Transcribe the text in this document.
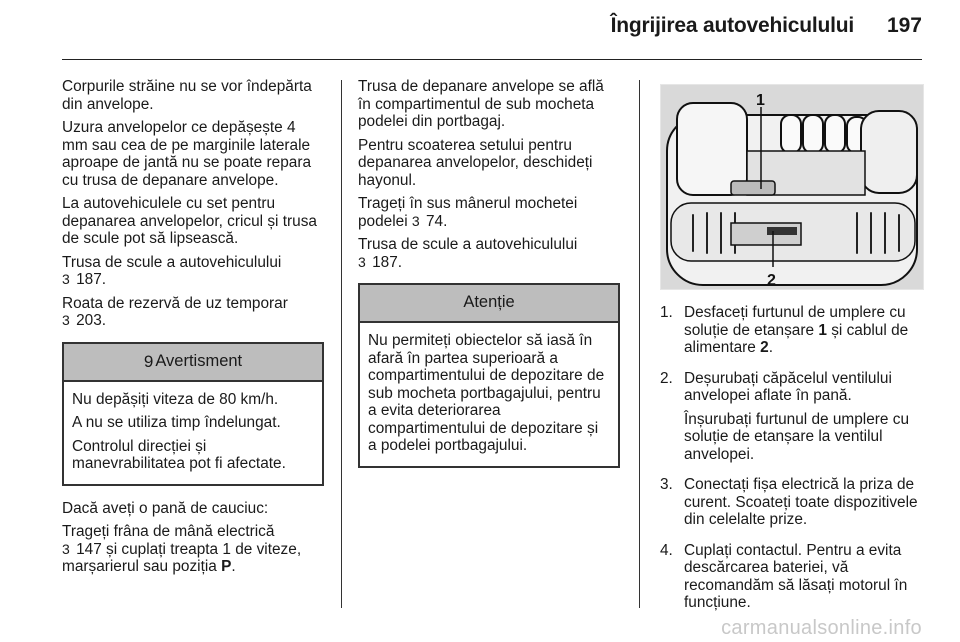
Îngrijirea autovehiculului 197

Corpurile străine nu se vor îndepărta din anvelope.

Uzura anvelopelor ce depășește 4 mm sau cea de pe marginile laterale aproape de jantă nu se poate repara cu trusa de depanare anvelope.

La autovehiculele cu set pentru depanarea anvelopelor, cricul și trusa de scule pot să lipsească.

Trusa de scule a autovehiculului
3 187.

Roata de rezervă de uz temporar
3 203.

9 Avertisment

Nu depășiți viteza de 80 km/h.

A nu se utiliza timp îndelungat.

Controlul direcției și manevrabilitatea pot fi afectate.

Dacă aveți o pană de cauciuc:

Trageți frâna de mână electrică
3 147 și cuplați treapta 1 de viteze, marșarierul sau poziția P.

Trusa de depanare anvelope se află în compartimentul de sub mocheta podelei din portbagaj.

Pentru scoaterea setului pentru depanarea anvelopelor, deschideți hayonul.

Trageți în sus mânerul mochetei podelei 3 74.

Trusa de scule a autovehiculului
3 187.

Atenție

Nu permiteți obiectelor să iasă în afară în partea superioară a compartimentului de depozitare de sub mocheta portbagajului, pentru a evita deteriorarea compartimentului de depozitare și a podelei portbagajului.

1
2
1. Desfaceți furtunul de umplere cu soluție de etanșare 1 și cablul de alimentare 2.

2. Deșurubați căpăcelul ventilului anvelopei aflate în pană.

Înșurubați furtunul de umplere cu soluție de etanșare la ventilul anvelopei.

3. Conectați fișa electrică la priza de curent. Scoateți toate dispozitivele din celelalte prize.

4. Cuplați contactul. Pentru a evita descărcarea bateriei, vă recomandăm să lăsați motorul în funcțiune.

carmanualsonline.info
